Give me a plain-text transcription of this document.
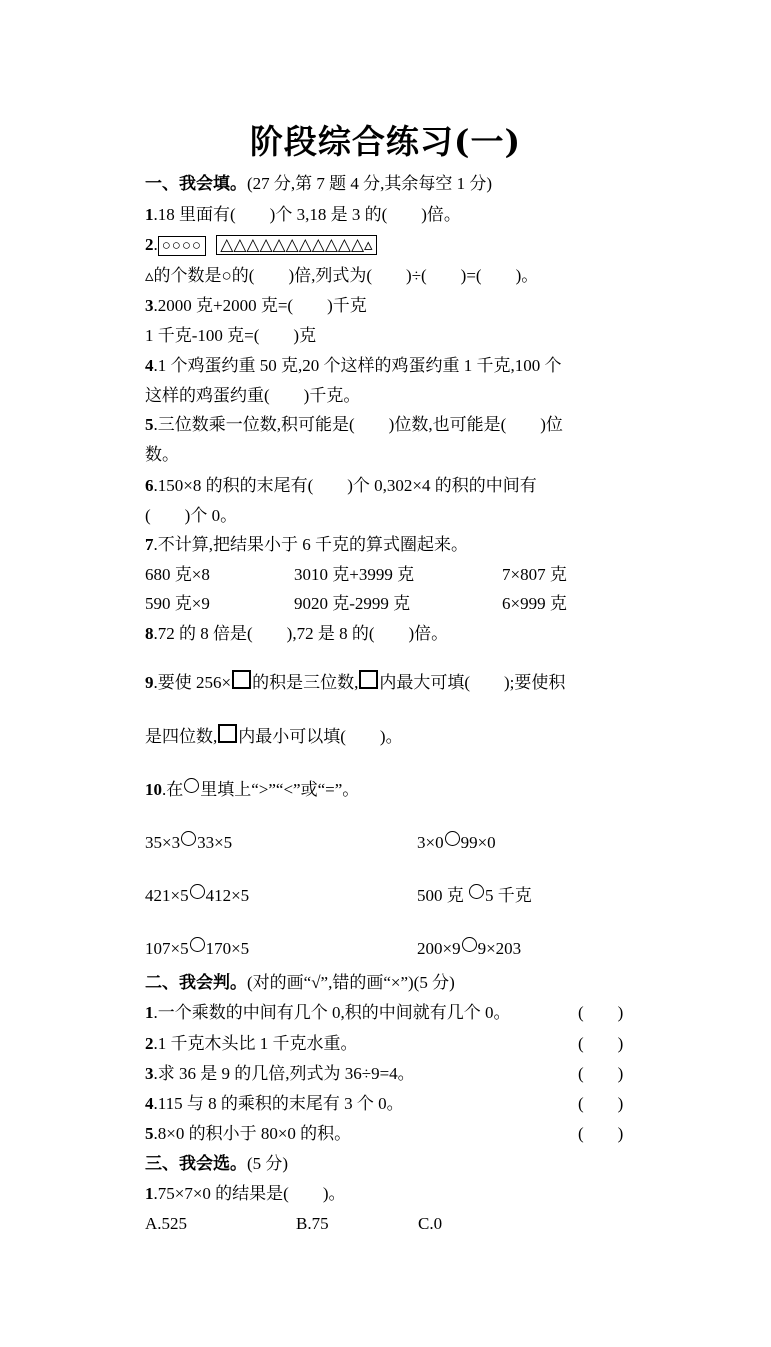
阶段综合练习(一)
一、我会填。(27 分,第 7 题 4 分,其余每空 1 分)
1.18 里面有(　　)个 3,18 是 3 的(　　)倍。
2. ○○○○ △△△△△△△△△△△▵
▵的个数是○的(　　)倍,列式为(　　)÷(　　)=(　　)。
3.2000 克+2000 克=(　　)千克
1 千克-100 克=(　　)克
4.1 个鸡蛋约重 50 克,20 个这样的鸡蛋约重 1 千克,100 个
这样的鸡蛋约重(　　)千克。
5.三位数乘一位数,积可能是(　　)位数,也可能是(　　)位
数。
6.150×8 的积的末尾有(　　)个 0,302×4 的积的中间有
(　　)个 0。
7.不计算,把结果小于 6 千克的算式圈起来。
680 克×8	3010 克+3999 克	7×807 克
590 克×9	9020 克-2999 克	6×999 克
8.72 的 8 倍是(　　),72 是 8 的(　　)倍。
9.要使 256× 的积是三位数, 内最大可填(　　);要使积
是四位数, 内最小可以填(　　)。
10.在 里填上“>”“<”或“=”。
35×3 33×5	3×0 99×0
421×5 412×5	500 克 5 千克
107×5 170×5	200×9 9×203
二、我会判。(对的画“√”,错的画“×”)(5 分)
1.一个乘数的中间有几个 0,积的中间就有几个 0。	(　　)
2.1 千克木头比 1 千克水重。	(　　)
3.求 36 是 9 的几倍,列式为 36÷9=4。	(　　)
4.115 与 8 的乘积的末尾有 3 个 0。	(　　)
5.8×0 的积小于 80×0 的积。	(　　)
三、我会选。(5 分)
1.75×7×0 的结果是(　　)。
A.525	B.75	C.0
